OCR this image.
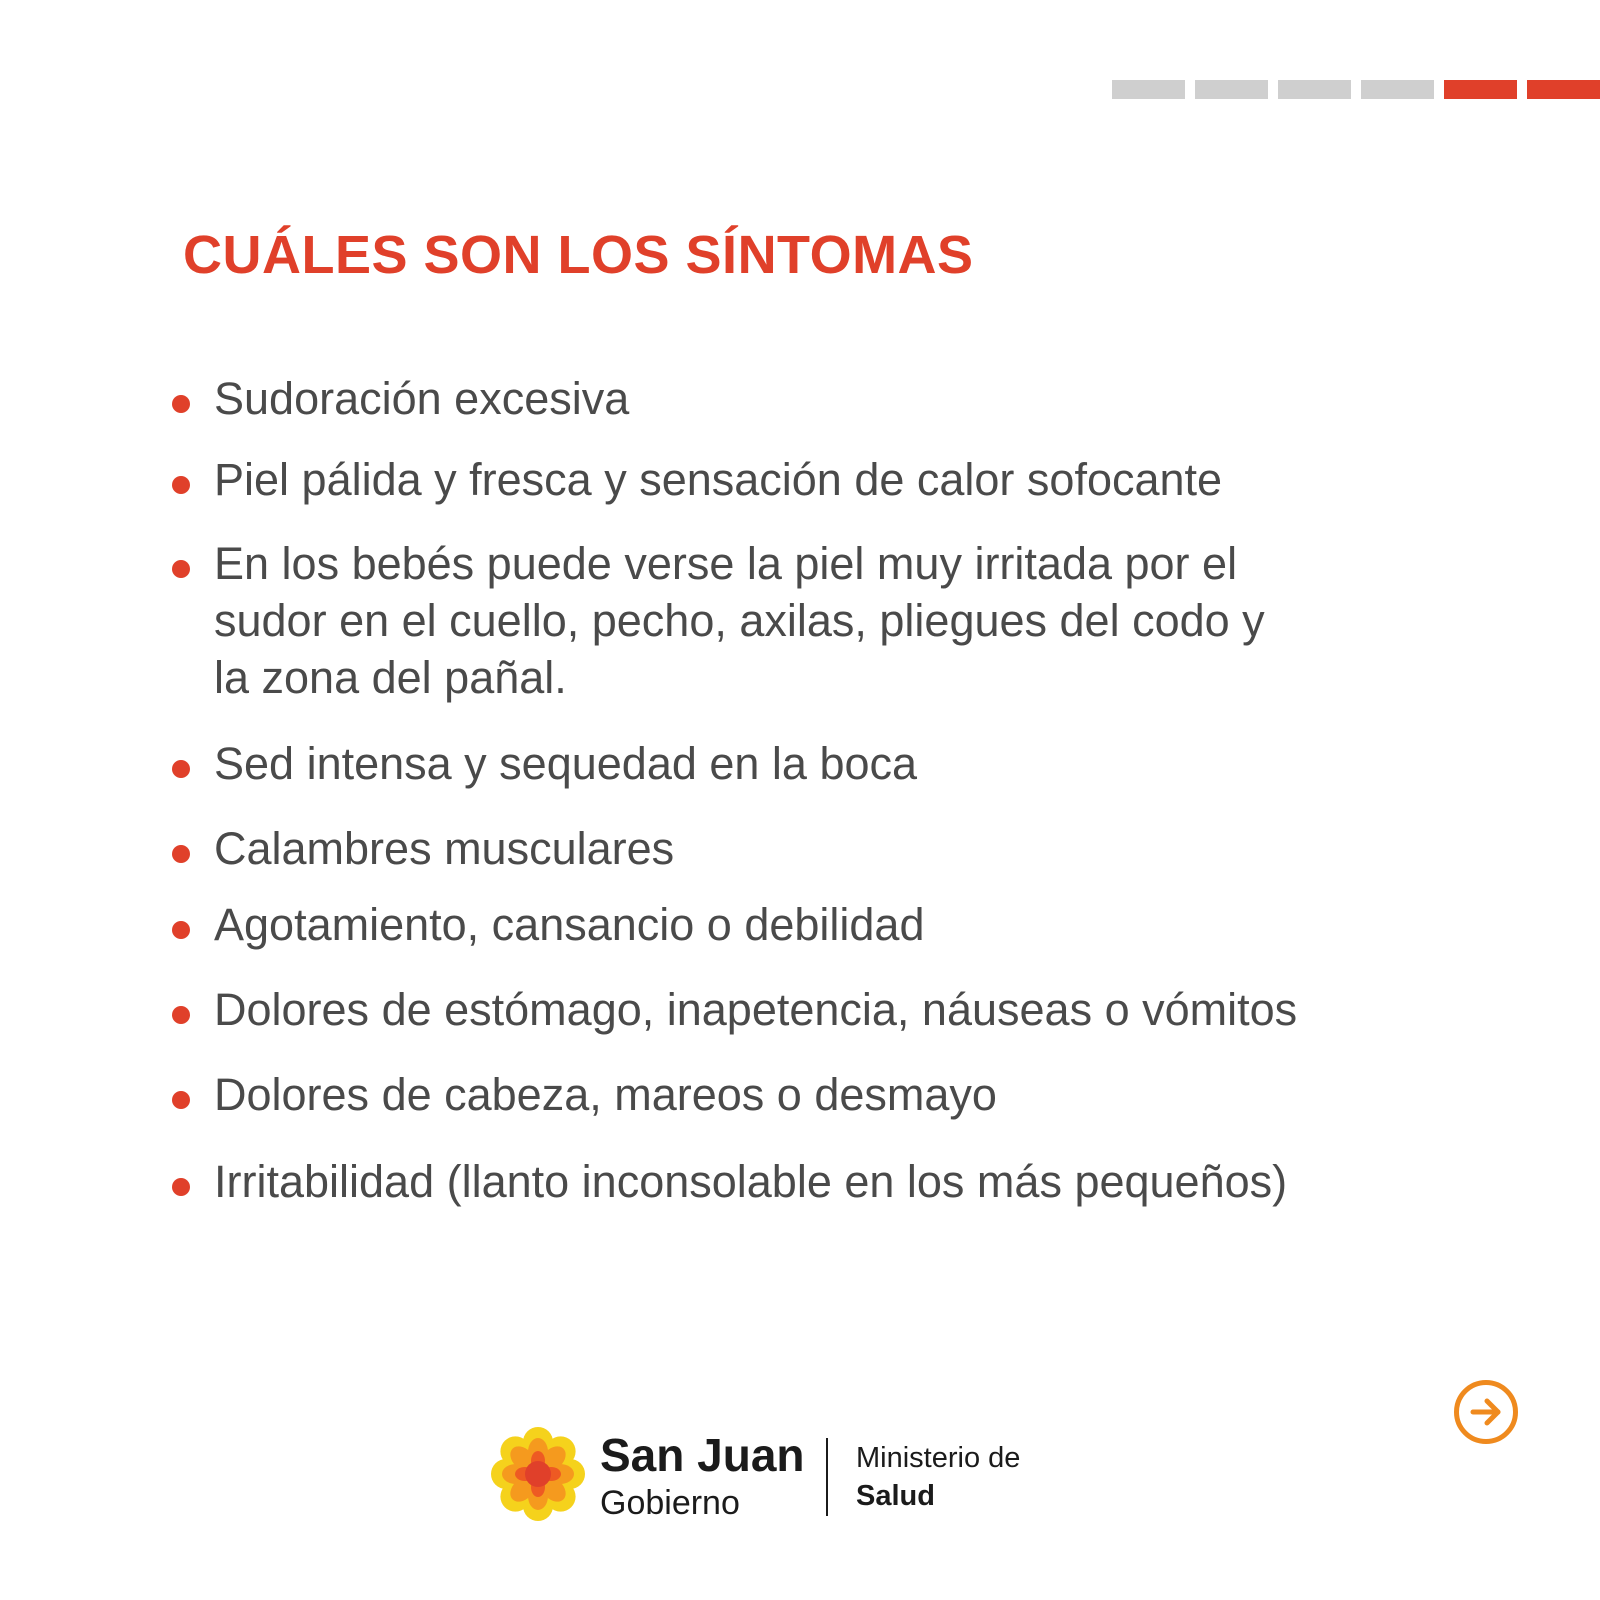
CUÁLES SON LOS SÍNTOMAS
Sudoración excesiva
Piel pálida y fresca y sensación de calor sofocante
En los bebés puede verse la piel muy irritada por el sudor en el cuello, pecho, axilas, pliegues del codo y la zona del pañal.
Sed intensa y sequedad en la boca
Calambres musculares
Agotamiento, cansancio o debilidad
Dolores de estómago, inapetencia, náuseas o vómitos
Dolores de cabeza, mareos o desmayo
Irritabilidad (llanto inconsolable en los más pequeños)
San Juan
Gobierno
Ministerio de
Salud
